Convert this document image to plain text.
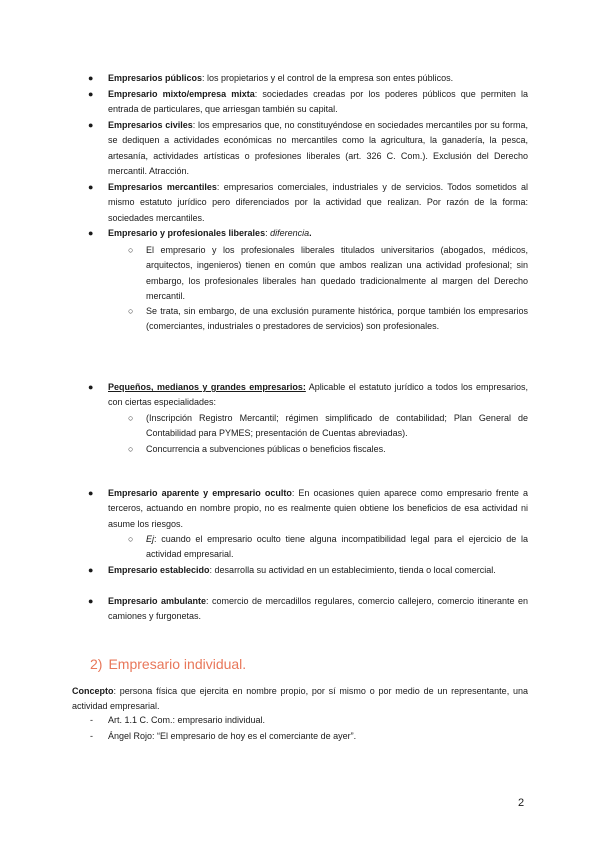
● Empresarios públicos: los propietarios y el control de la empresa son entes públicos.
● Empresario mixto/empresa mixta: sociedades creadas por los poderes públicos que permiten la entrada de particulares, que arriesgan también su capital.
● Empresarios civiles: los empresarios que, no constituyéndose en sociedades mercantiles por su forma, se dediquen a actividades económicas no mercantiles como la agricultura, la ganadería, la pesca, artesanía, actividades artísticas o profesiones liberales (art. 326 C. Com.). Exclusión del Derecho mercantil. Atracción.
● Empresarios mercantiles: empresarios comerciales, industriales y de servicios. Todos sometidos al mismo estatuto jurídico pero diferenciados por la actividad que realizan. Por razón de la forma: sociedades mercantiles.
● Empresario y profesionales liberales: diferencia.
○ El empresario y los profesionales liberales titulados universitarios (abogados, médicos, arquitectos, ingenieros) tienen en común que ambos realizan una actividad profesional; sin embargo, los profesionales liberales han quedado tradicionalmente al margen del Derecho mercantil.
○ Se trata, sin embargo, de una exclusión puramente histórica, porque también los empresarios (comerciantes, industriales o prestadores de servicios) son profesionales.
● Pequeños, medianos y grandes empresarios: Aplicable el estatuto jurídico a todos los empresarios, con ciertas especialidades:
○ (Inscripción Registro Mercantil; régimen simplificado de contabilidad; Plan General de Contabilidad para PYMES; presentación de Cuentas abreviadas).
○ Concurrencia a subvenciones públicas o beneficios fiscales.
● Empresario aparente y empresario oculto: En ocasiones quien aparece como empresario frente a terceros, actuando en nombre propio, no es realmente quien obtiene los beneficios de esa actividad ni asume los riesgos.
○ Ej: cuando el empresario oculto tiene alguna incompatibilidad legal para el ejercicio de la actividad empresarial.
● Empresario establecido: desarrolla su actividad en un establecimiento, tienda o local comercial.
● Empresario ambulante: comercio de mercadillos regulares, comercio callejero, comercio itinerante en camiones y furgonetas.
2) Empresario individual.
Concepto: persona física que ejercita en nombre propio, por sí mismo o por medio de un representante, una actividad empresarial.
- Art. 1.1 C. Com.: empresario individual.
- Ángel Rojo: “El empresario de hoy es el comerciante de ayer”.
2
